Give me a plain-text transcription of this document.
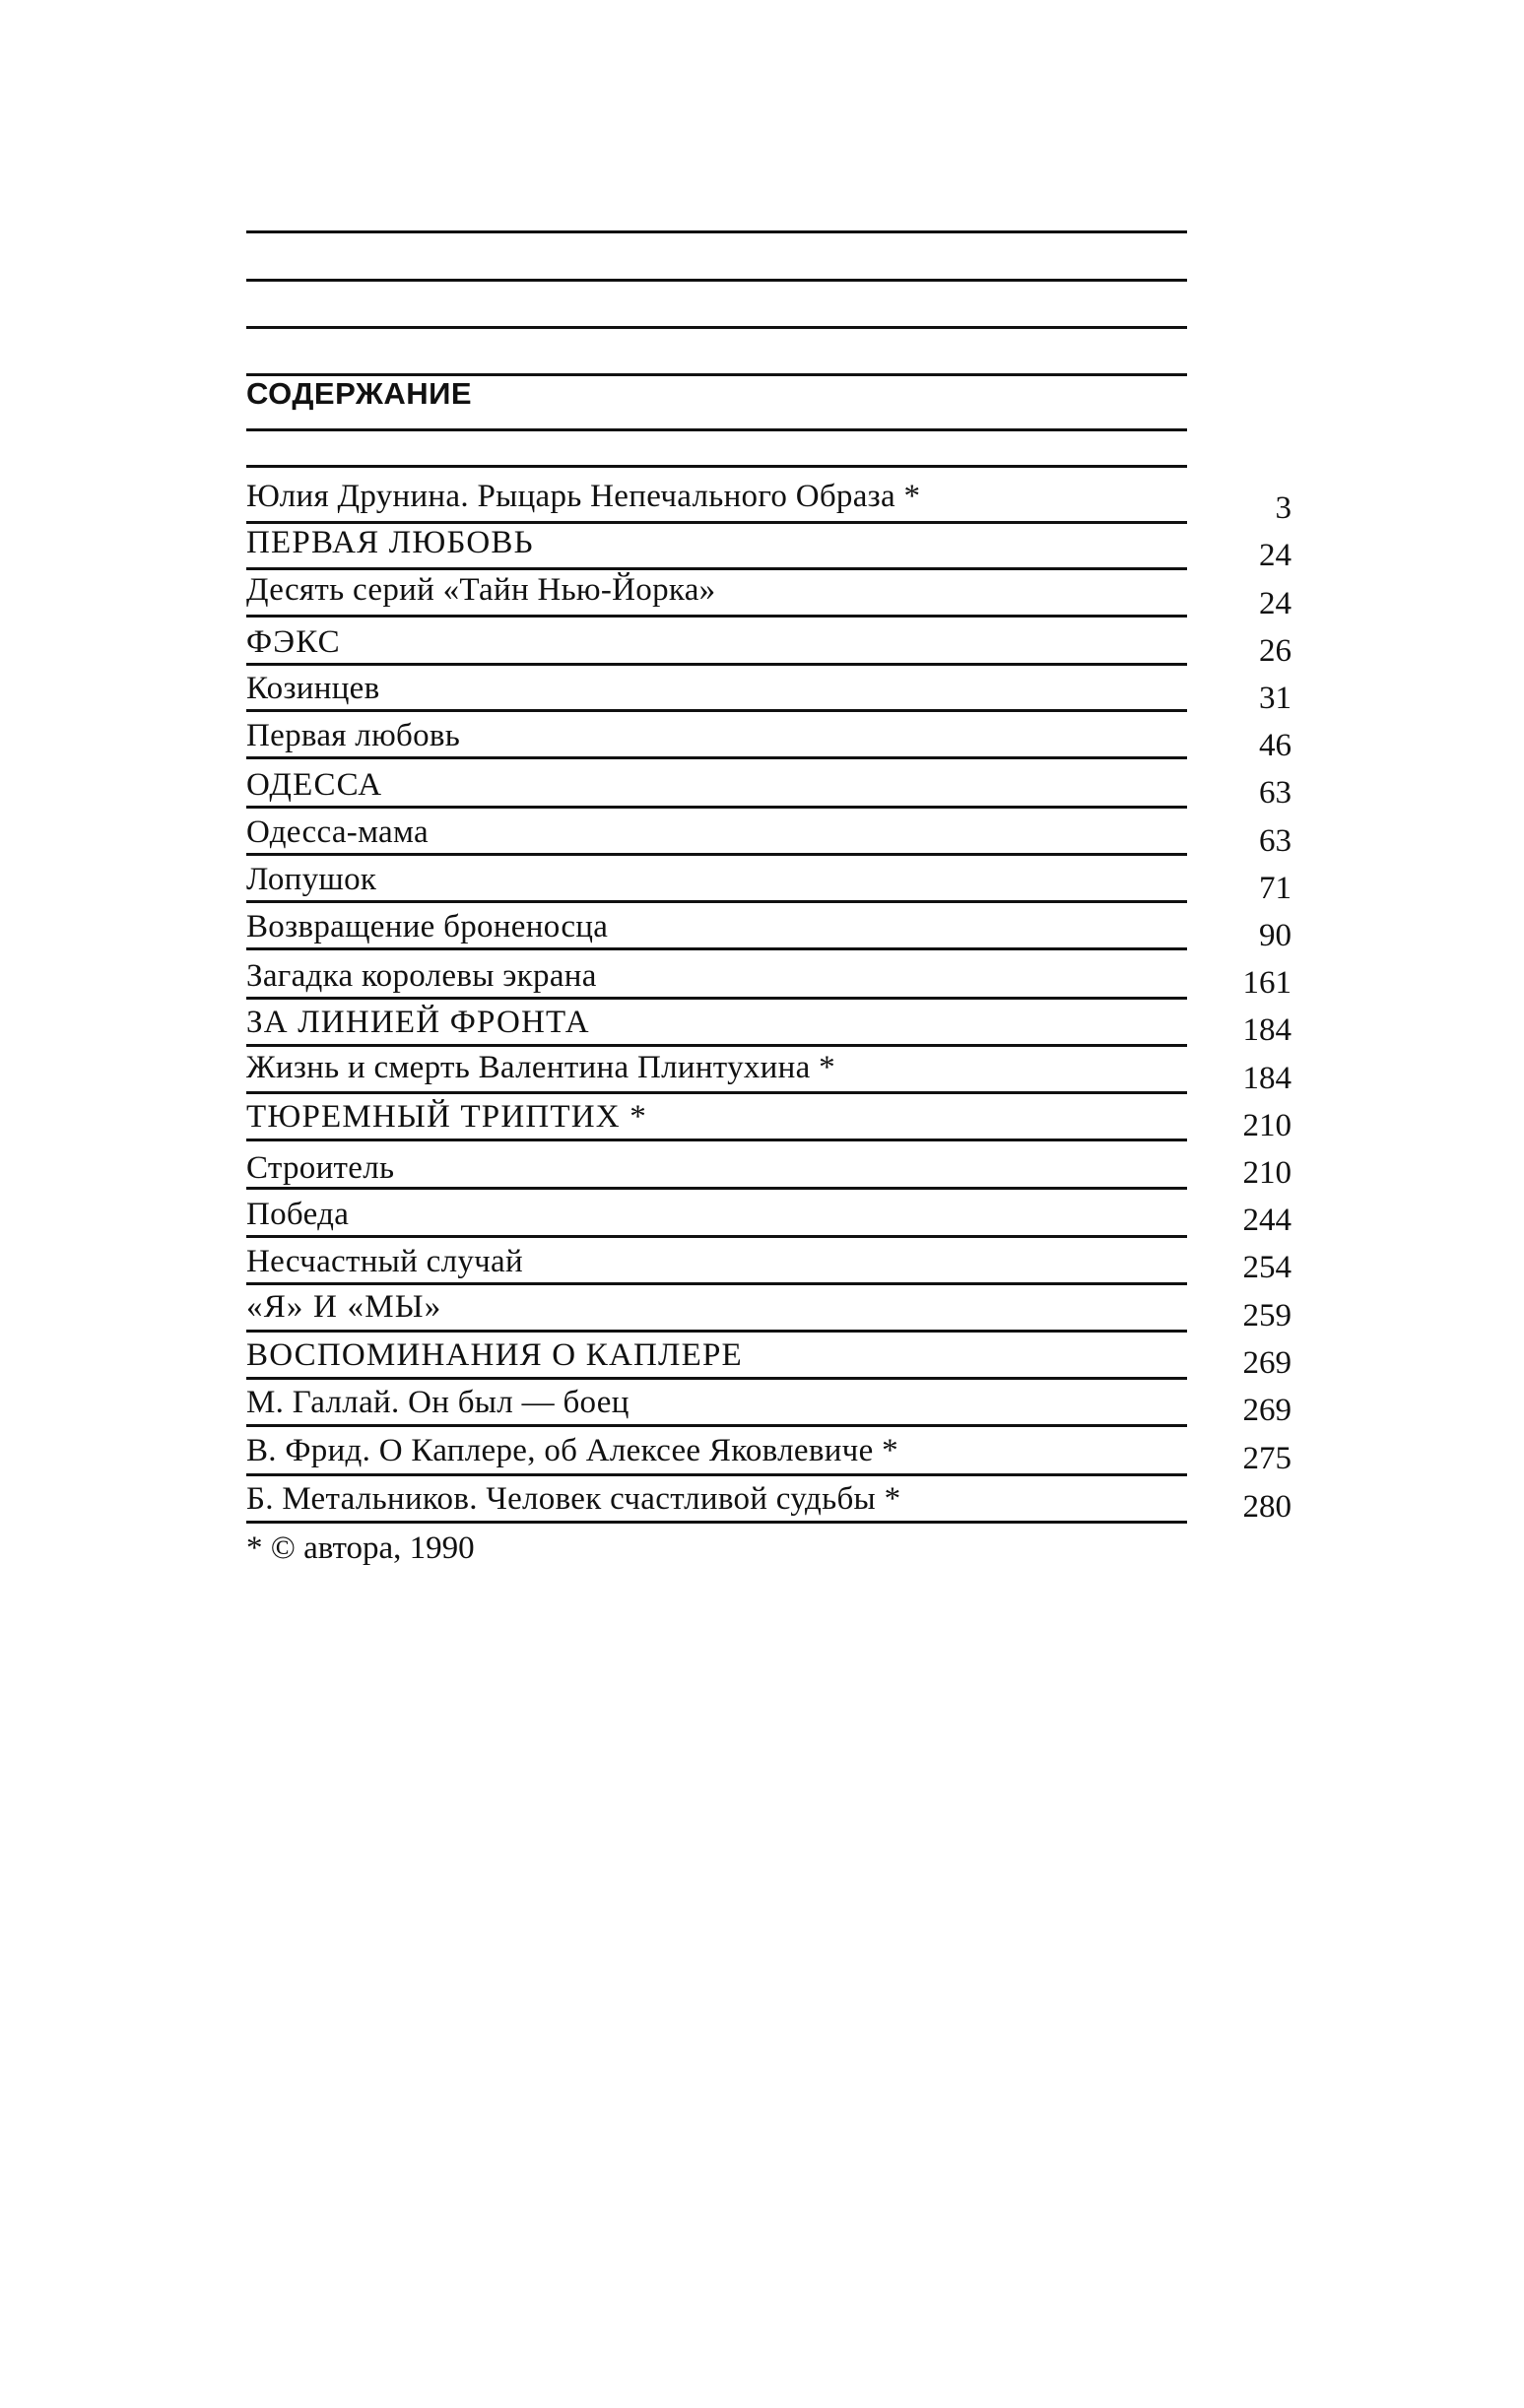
СОДЕРЖАНИЕ
Юлия Друнина. Рыцарь Непечального Образа *	3
ПЕРВАЯ ЛЮБОВЬ	24
Десять серий «Тайн Нью-Йорка»	24
ФЭКС	26
Козинцев	31
Первая любовь	46
ОДЕССА	63
Одесса-мама	63
Лопушок	71
Возвращение броненосца	90
Загадка королевы экрана	161
ЗА ЛИНИЕЙ ФРОНТА	184
Жизнь и смерть Валентина Плинтухина *	184
ТЮРЕМНЫЙ ТРИПТИХ *	210
Строитель	210
Победа	244
Несчастный случай	254
«Я» И «МЫ»	259
ВОСПОМИНАНИЯ О КАПЛЕРЕ	269
М. Галлай. Он был — боец	269
В. Фрид. О Каплере, об Алексее Яковлевиче *	275
Б. Метальников. Человек счастливой судьбы *	280
* © автора, 1990
